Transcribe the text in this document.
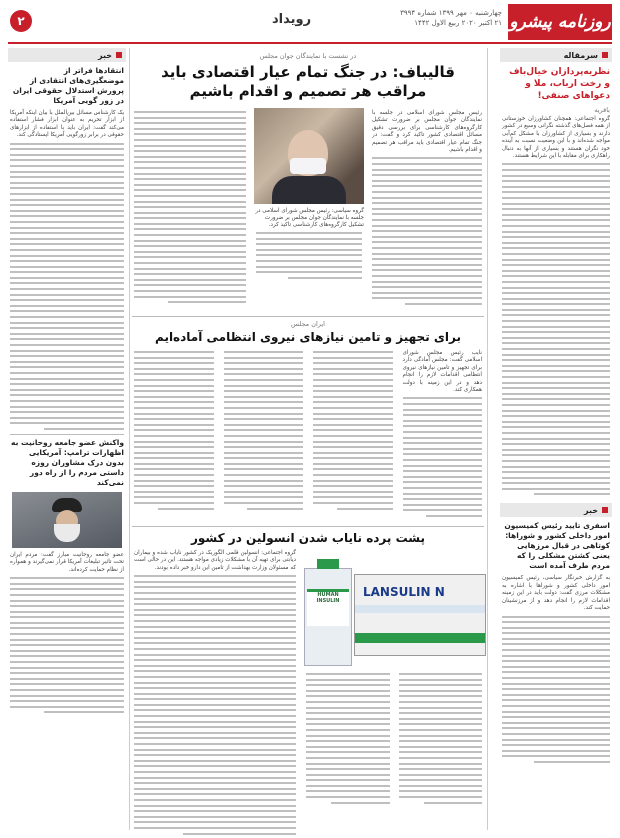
روزنامه پیشرو
چهارشنبه ۰ مهر ۱۳۹۹ شماره ۳۹۹۴
۲۱ اکتبر ۲۰۲۰ ربیع الاول ۱۴۴۲
رویداد
۲
سرمقاله
نظریه‌پردازان خیال‌باف و رخت ارباب، ملا و دعواهای صنفی!
باقریه
گروه اجتماعی: همچنان کشاورزان خوزستانی از همه فصل‌های گذشته نگرانی وسیع در کشور دارند و بسیاری از کشاورزان با مشکل کم‌آبی مواجه شده‌اند و با این وضعیت نسبت به آینده خود نگران هستند و بسیاری از آنها به دنبال راهکاری برای مقابله با این شرایط هستند.
خبر
اسفری تایید رئیس کمیسیون امور داخلی کشور و شوراها: کوتاهی در قبال مرزهایی یعنی کشتن مشکلی را که مردم طرف آمده است
به گزارش خبرنگار سیاسی، رئیس کمیسیون امور داخلی کشور و شوراها با اشاره به مشکلات مرزی گفت: دولت باید در این زمینه اقدامات لازم را انجام دهد و از مرزنشینان حمایت کند.
در نشست با نمایندگان جوان مجلس
قالیباف: در جنگ تمام عیار اقتصادی باید مراقب هر تصمیم و اقدام باشیم
رئیس مجلس شورای اسلامی در جلسه با نمایندگان جوان مجلس بر ضرورت تشکیل کارگروه‌های کارشناسی برای بررسی دقیق مسائل اقتصادی کشور تاکید کرد و گفت: در جنگ تمام عیار اقتصادی باید مراقب هر تصمیم و اقدام باشیم.
گروه سیاسی: رئیس مجلس شورای اسلامی در جلسه با نمایندگان جوان مجلس بر ضرورت تشکیل کارگروه‌های کارشناسی تاکید کرد.
ایران مجلس
برای تجهیز و تامین نیازهای نیروی انتظامی آماده‌ایم
نایب رئیس مجلس شورای اسلامی گفت: مجلس آمادگی دارد برای تجهیز و تامین نیازهای نیروی انتظامی اقدامات لازم را انجام دهد و در این زمینه با دولت همکاری کند.
پشت پرده نایاب شدن انسولین در کشور
HUMAN INSULIN
LANSULIN N
گروه اجتماعی: انسولین قلمی الگوریک در کشور نایاب شده و بیماران دیابتی برای تهیه آن با مشکلات زیادی مواجه هستند. این در حالی است که مسئولان وزارت بهداشت از تامین این دارو خبر داده بودند.
خبر
انتقادها فراتر از موضعگیری‌های انتقادی از پرورش استدلال حقوقی ایران در زور گویی آمریکا
یک کارشناس مسائل بین‌الملل با بیان اینکه آمریکا از ابزار تحریم به عنوان ابزار فشار استفاده می‌کند گفت: ایران باید با استفاده از ابزارهای حقوقی در برابر زورگویی آمریکا ایستادگی کند.
واکنش عضو جامعه روحانیت به اظهارات ترامپ: آمریکایی بدون درک مشاوران روزه داستی مردم را از راه دور نمی‌کند
عضو جامعه روحانیت مبارز گفت: مردم ایران تحت تاثیر تبلیغات آمریکا قرار نمی‌گیرند و همواره از نظام حمایت کرده‌اند.
